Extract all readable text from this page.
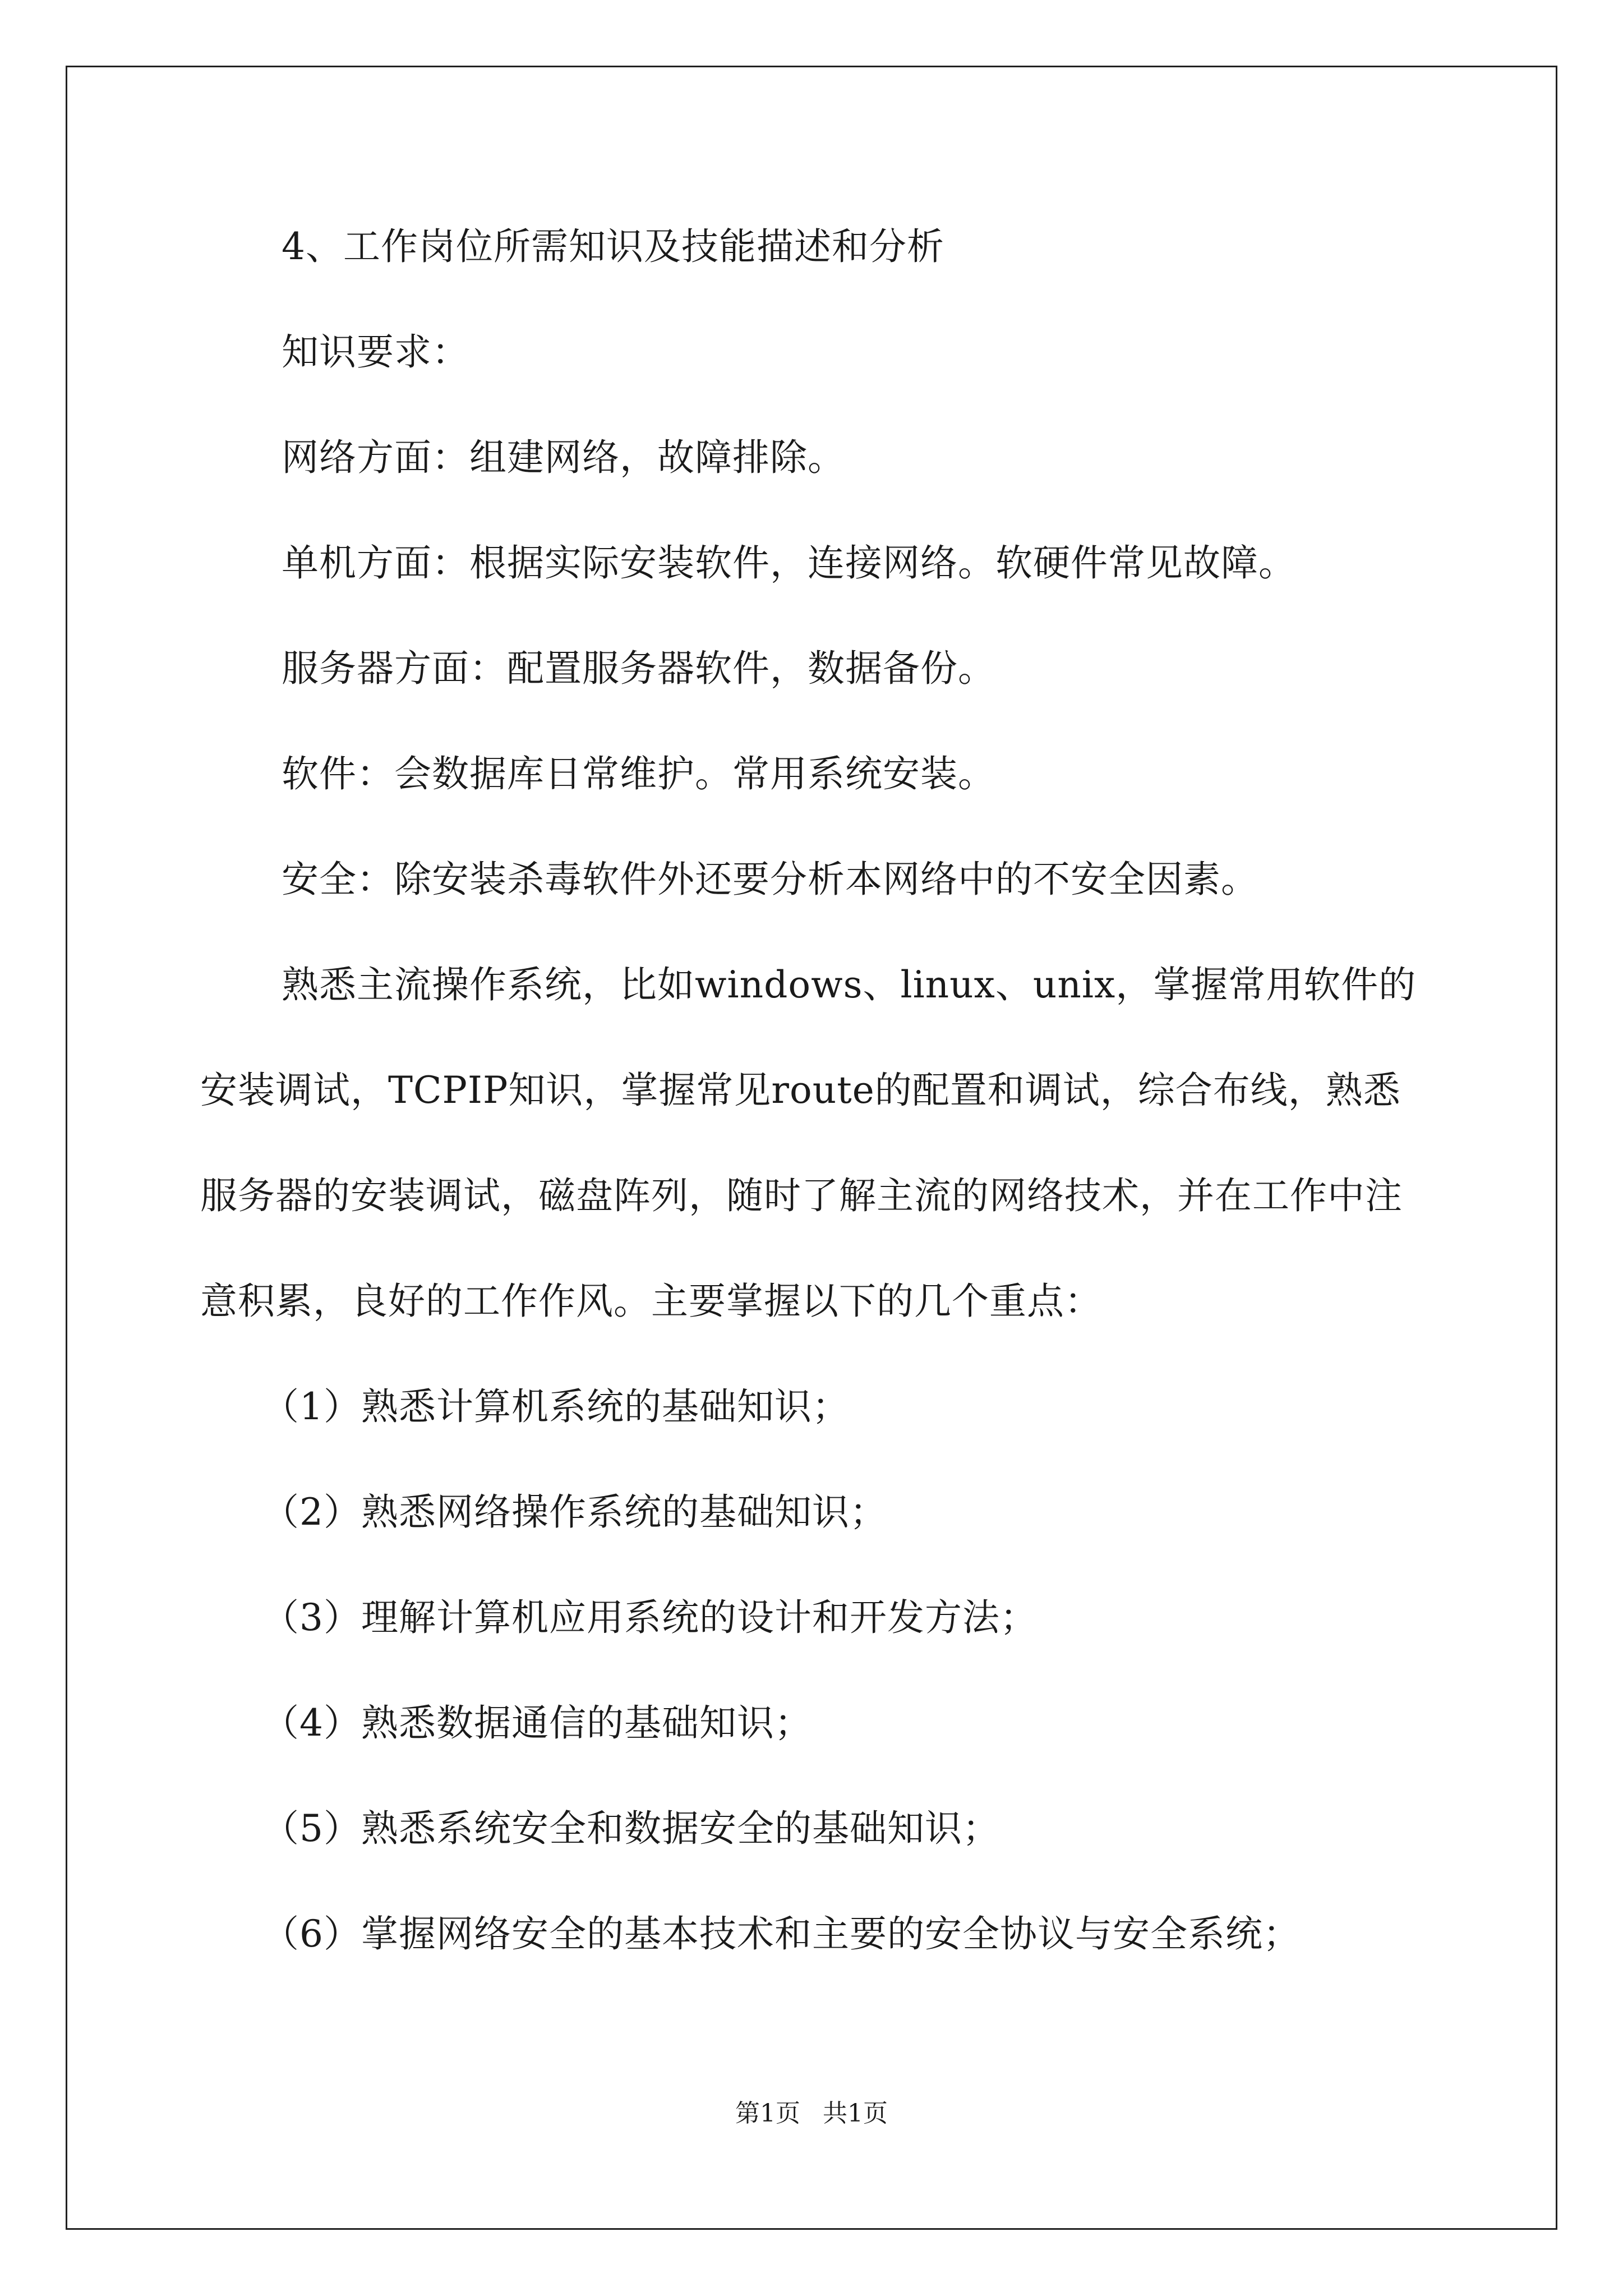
4、工作岗位所需知识及技能描述和分析

知识要求：

网络方面：组建网络，故障排除。

单机方面：根据实际安装软件，连接网络。软硬件常见故障。

服务器方面：配置服务器软件，数据备份。

软件：会数据库日常维护。常用系统安装。

安全：除安装杀毒软件外还要分析本网络中的不安全因素。

熟悉主流操作系统，比如windows、linux、unix，掌握常用软件的安装调试，TCPIP知识，掌握常见route的配置和调试，综合布线，熟悉服务器的安装调试，磁盘阵列，随时了解主流的网络技术，并在工作中注意积累，良好的工作作风。主要掌握以下的几个重点：

（1）熟悉计算机系统的基础知识；

（2）熟悉网络操作系统的基础知识；

（3）理解计算机应用系统的设计和开发方法；

（4）熟悉数据通信的基础知识；

（5）熟悉系统安全和数据安全的基础知识；

（6）掌握网络安全的基本技术和主要的安全协议与安全系统；

第1页 共1页
